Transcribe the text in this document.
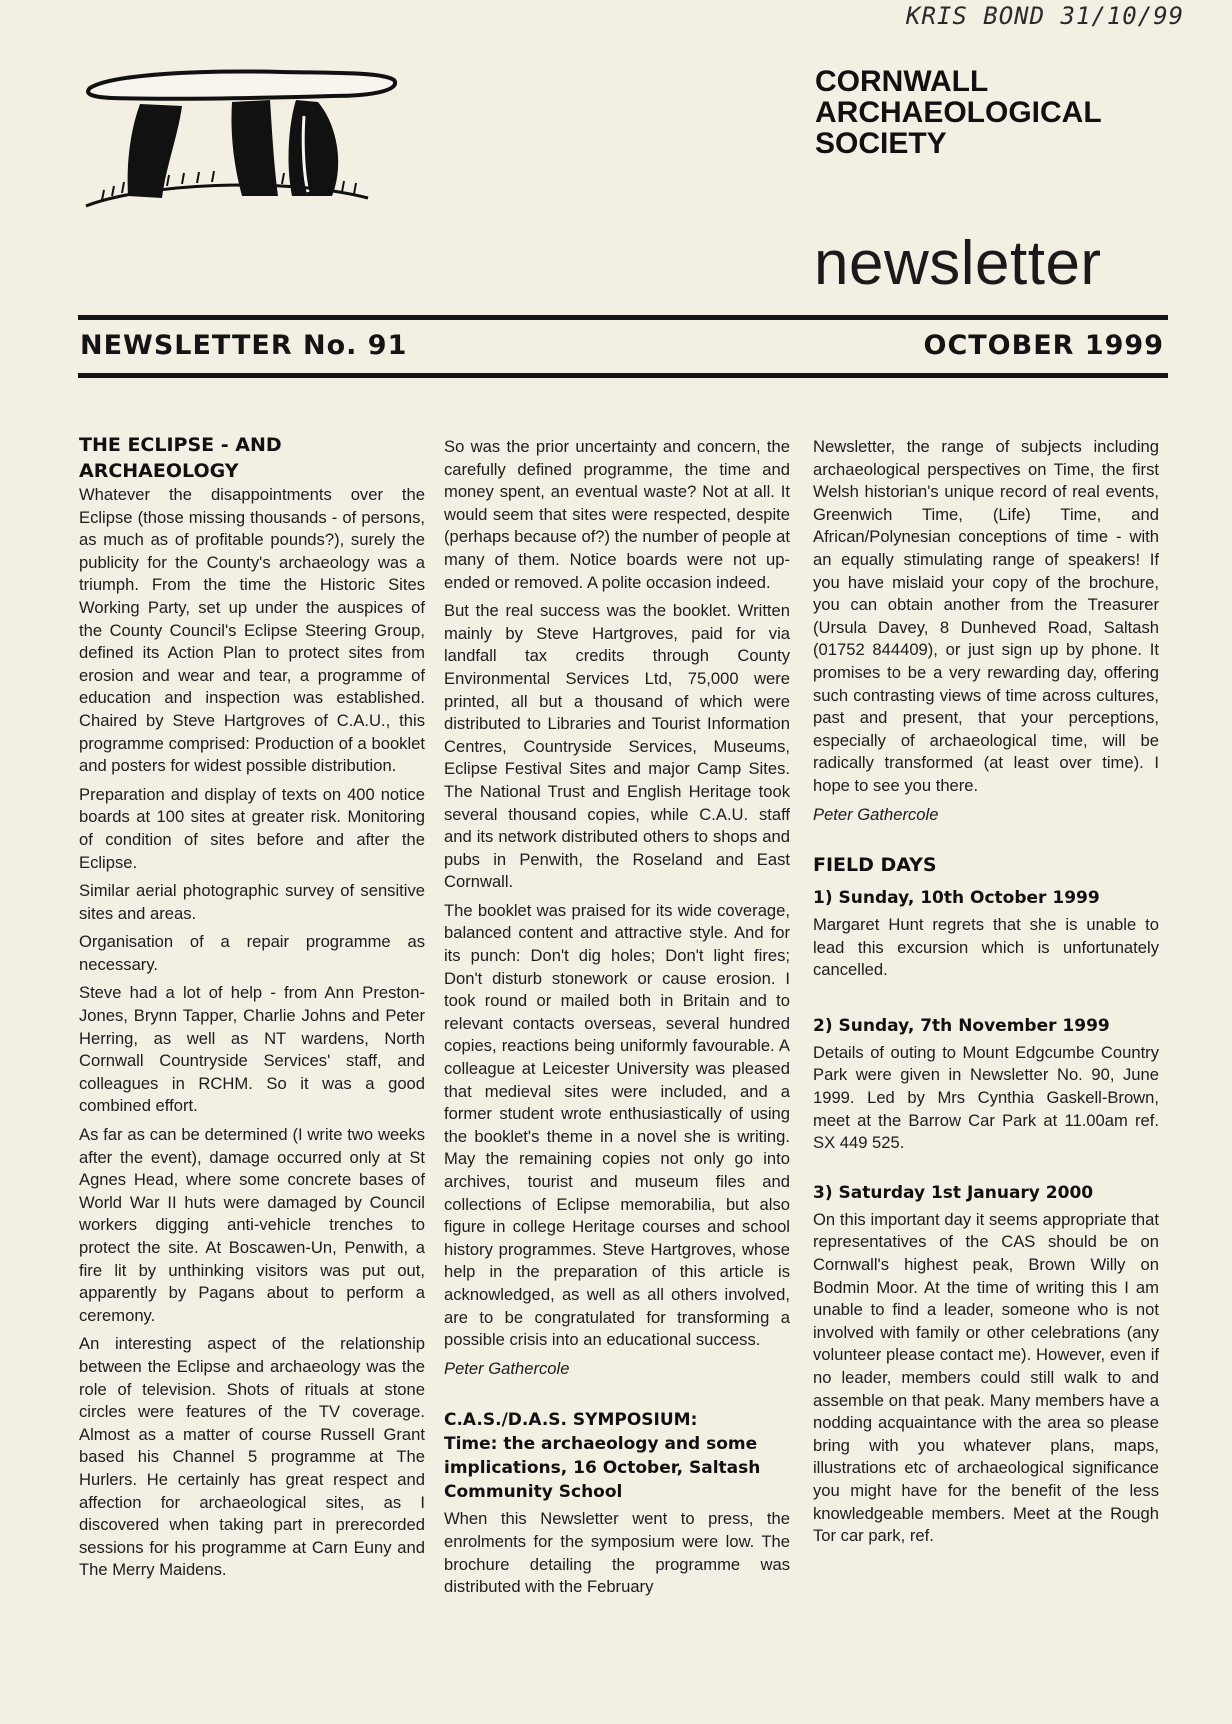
KRIS BOND 31/10/99
CORNWALL
ARCHAEOLOGICAL
SOCIETY
newsletter
NEWSLETTER No. 91	OCTOBER 1999
THE ECLIPSE - AND ARCHAEOLOGY

Whatever the disappointments over the Eclipse (those missing thousands - of persons, as much as of profitable pounds?), surely the publicity for the County's archaeology was a triumph. From the time the Historic Sites Working Party, set up under the auspices of the County Council's Eclipse Steering Group, defined its Action Plan to protect sites from erosion and wear and tear, a programme of education and inspection was established. Chaired by Steve Hartgroves of C.A.U., this programme comprised: Production of a booklet and posters for widest possible distribution.

Preparation and display of texts on 400 notice boards at 100 sites at greater risk. Monitoring of condition of sites before and after the Eclipse.

Similar aerial photographic survey of sensitive sites and areas.

Organisation of a repair programme as necessary.

Steve had a lot of help - from Ann Preston-Jones, Brynn Tapper, Charlie Johns and Peter Herring, as well as NT wardens, North Cornwall Countryside Services' staff, and colleagues in RCHM. So it was a good combined effort.

As far as can be determined (I write two weeks after the event), damage occurred only at St Agnes Head, where some concrete bases of World War II huts were damaged by Council workers digging anti-vehicle trenches to protect the site. At Boscawen-Un, Penwith, a fire lit by unthinking visitors was put out, apparently by Pagans about to perform a ceremony.

An interesting aspect of the relationship between the Eclipse and archaeology was the role of television. Shots of rituals at stone circles were features of the TV coverage. Almost as a matter of course Russell Grant based his Channel 5 programme at The Hurlers. He certainly has great respect and affection for archaeological sites, as I discovered when taking part in prerecorded sessions for his programme at Carn Euny and The Merry Maidens.

So was the prior uncertainty and concern, the carefully defined programme, the time and money spent, an eventual waste? Not at all. It would seem that sites were respected, despite (perhaps because of?) the number of people at many of them. Notice boards were not up-ended or removed. A polite occasion indeed.

But the real success was the booklet. Written mainly by Steve Hartgroves, paid for via landfall tax credits through County Environmental Services Ltd, 75,000 were printed, all but a thousand of which were distributed to Libraries and Tourist Information Centres, Countryside Services, Museums, Eclipse Festival Sites and major Camp Sites. The National Trust and English Heritage took several thousand copies, while C.A.U. staff and its network distributed others to shops and pubs in Penwith, the Roseland and East Cornwall.

The booklet was praised for its wide coverage, balanced content and attractive style. And for its punch: Don't dig holes; Don't light fires; Don't disturb stonework or cause erosion. I took round or mailed both in Britain and to relevant contacts overseas, several hundred copies, reactions being uniformly favourable. A colleague at Leicester University was pleased that medieval sites were included, and a former student wrote enthusiastically of using the booklet's theme in a novel she is writing. May the remaining copies not only go into archives, tourist and museum files and collections of Eclipse memorabilia, but also figure in college Heritage courses and school history programmes. Steve Hartgroves, whose help in the preparation of this article is acknowledged, as well as all others involved, are to be congratulated for transforming a possible crisis into an educational success.

Peter Gathercole

C.A.S./D.A.S. SYMPOSIUM:
Time: the archaeology and some implications, 16 October, Saltash Community School

When this Newsletter went to press, the enrolments for the symposium were low. The brochure detailing the programme was distributed with the February

Newsletter, the range of subjects including archaeological perspectives on Time, the first Welsh historian's unique record of real events, Greenwich Time, (Life) Time, and African/Polynesian conceptions of time - with an equally stimulating range of speakers! If you have mislaid your copy of the brochure, you can obtain another from the Treasurer (Ursula Davey, 8 Dunheved Road, Saltash (01752 844409), or just sign up by phone. It promises to be a very rewarding day, offering such contrasting views of time across cultures, past and present, that your perceptions, especially of archaeological time, will be radically transformed (at least over time). I hope to see you there.

Peter Gathercole

FIELD DAYS
1) Sunday, 10th October 1999

Margaret Hunt regrets that she is unable to lead this excursion which is unfortunately cancelled.

2) Sunday, 7th November 1999

Details of outing to Mount Edgcumbe Country Park were given in Newsletter No. 90, June 1999. Led by Mrs Cynthia Gaskell-Brown, meet at the Barrow Car Park at 11.00am ref. SX 449 525.

3) Saturday 1st January 2000

On this important day it seems appropriate that representatives of the CAS should be on Cornwall's highest peak, Brown Willy on Bodmin Moor. At the time of writing this I am unable to find a leader, someone who is not involved with family or other celebrations (any volunteer please contact me). However, even if no leader, members could still walk to and assemble on that peak. Many members have a nodding acquaintance with the area so please bring with you whatever plans, maps, illustrations etc of archaeological significance you might have for the benefit of the less knowledgeable members. Meet at the Rough Tor car park, ref.
